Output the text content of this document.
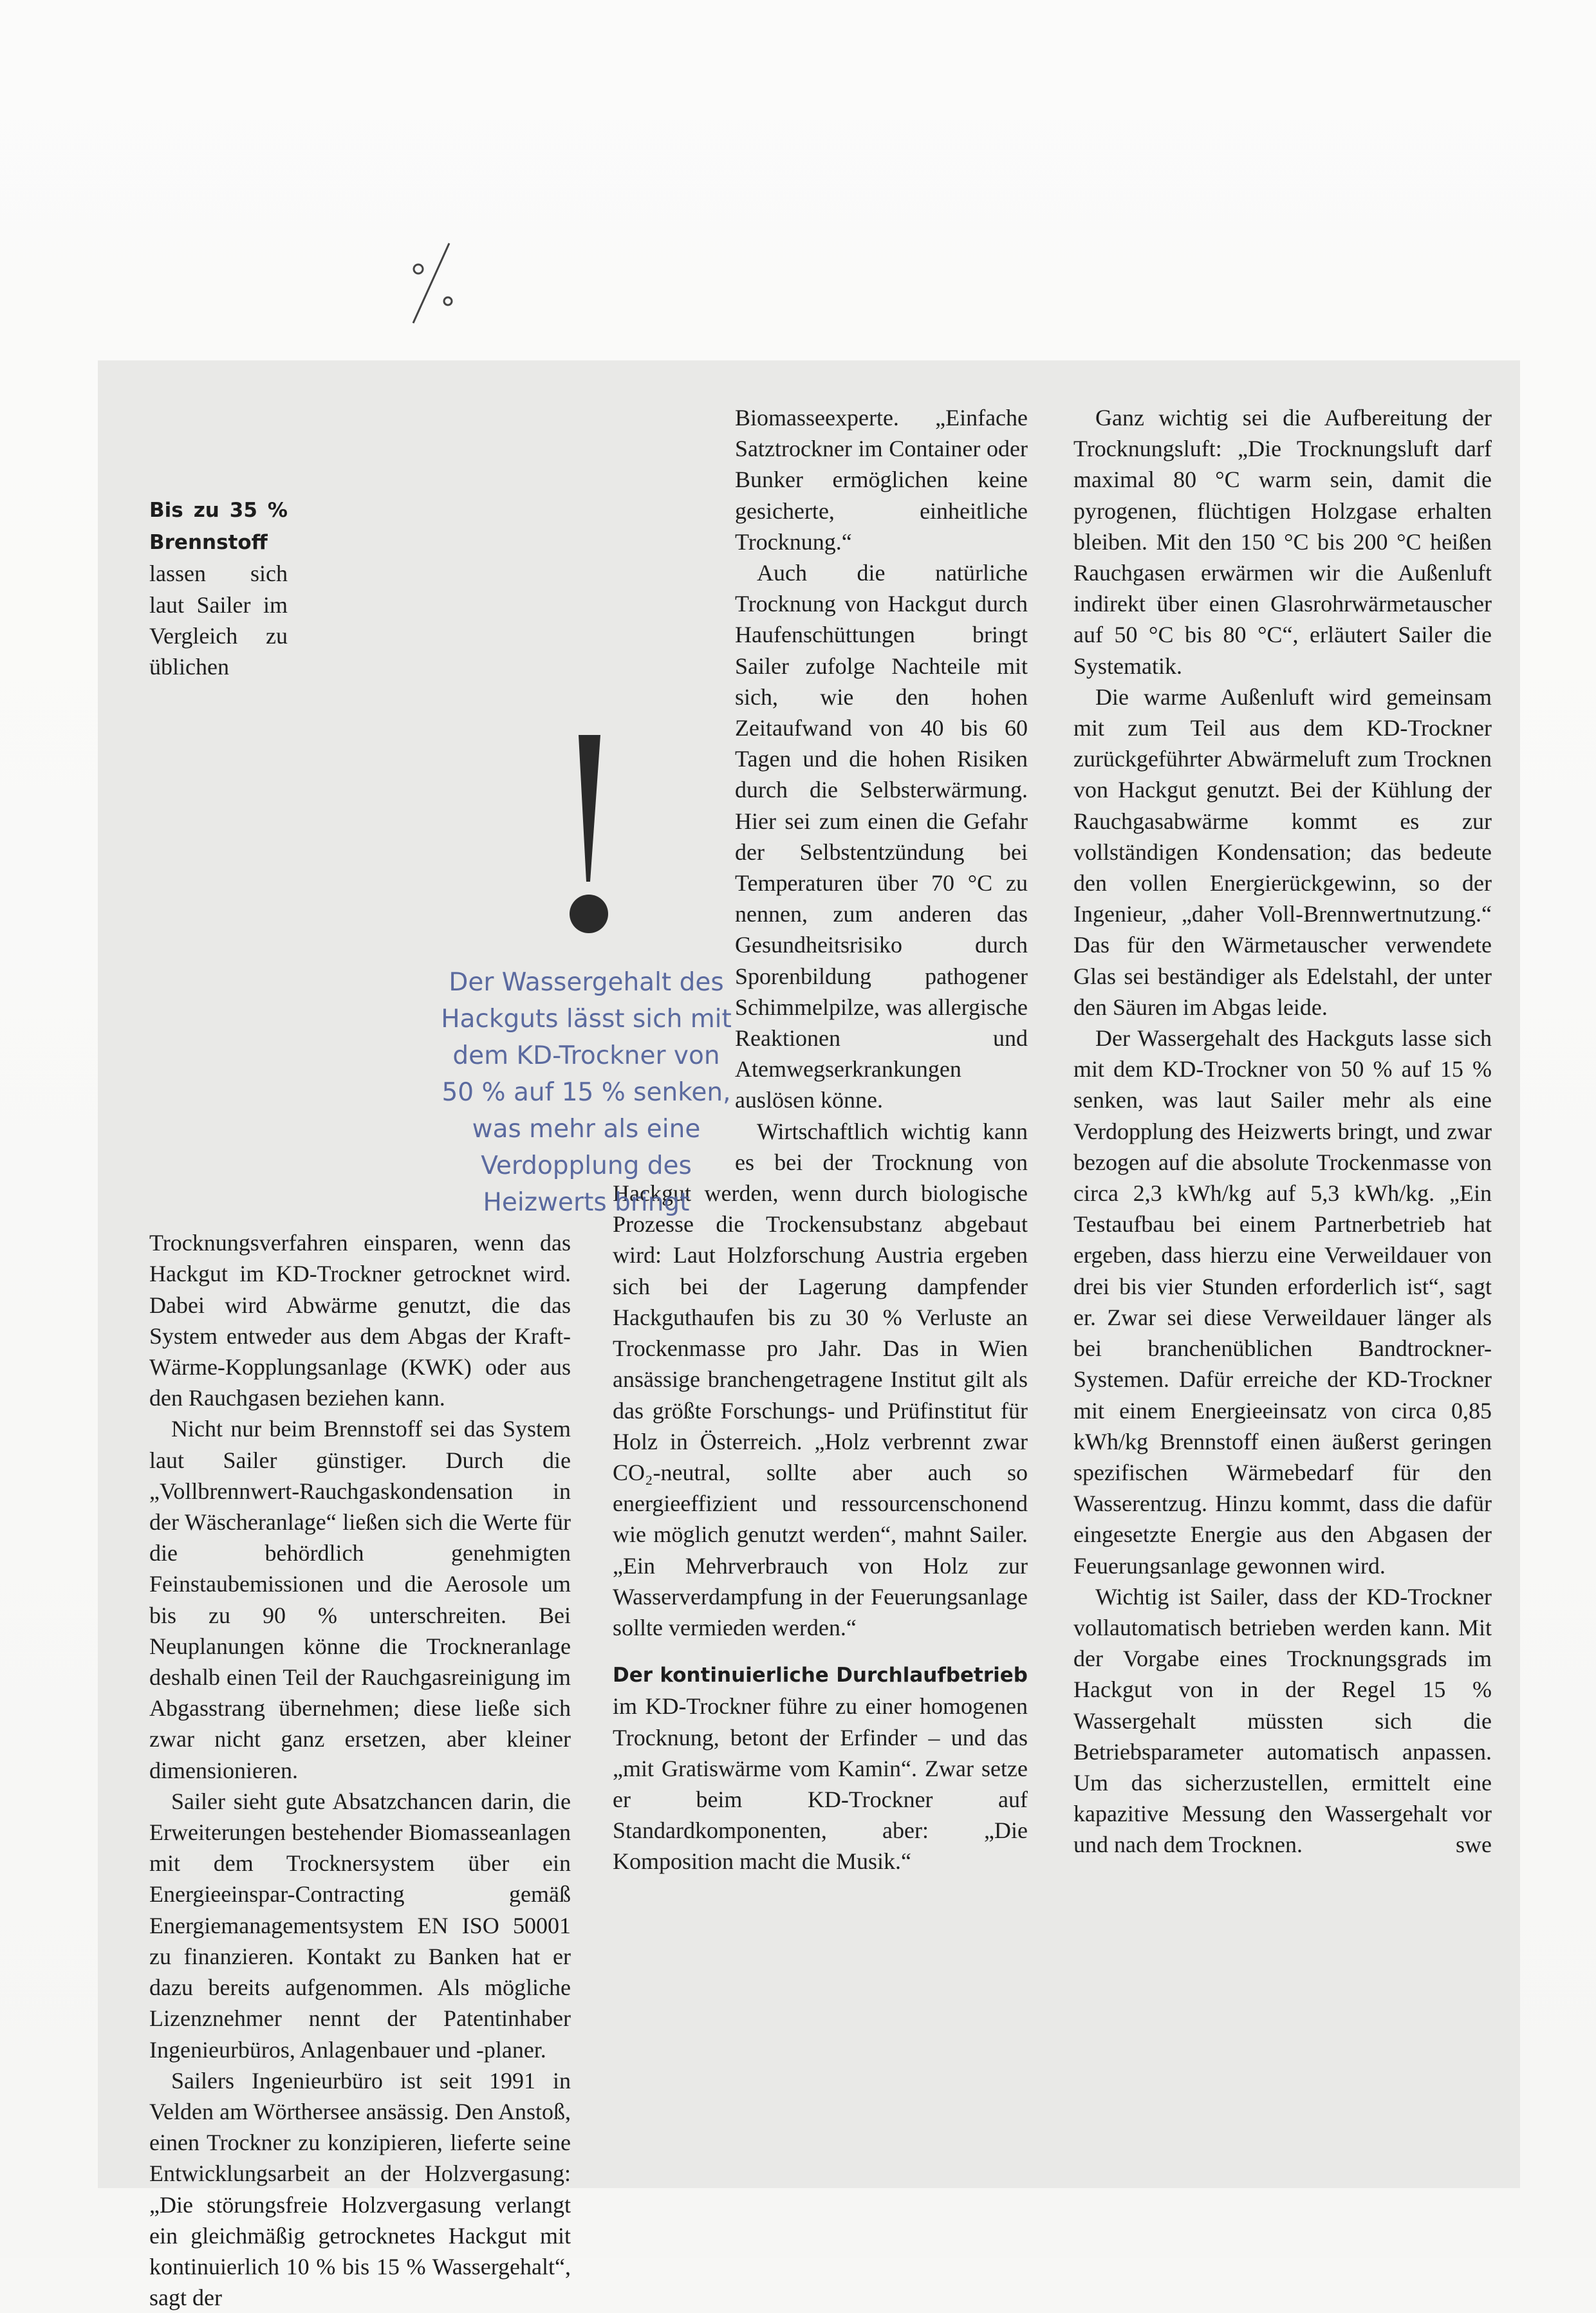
Bis zu 35 % Brennstoff lassen sich laut Sailer im Vergleich zu üblichen Trocknungsverfahren einsparen, wenn das Hackgut im KD-Trockner getrocknet wird. Dabei wird Abwärme genutzt, die das System entweder aus dem Abgas der Kraft-Wärme-Kopplungsanlage (KWK) oder aus den Rauchgasen beziehen kann.

Nicht nur beim Brennstoff sei das System laut Sailer günstiger. Durch die „Vollbrennwert-Rauchgaskondensation in der Wäscheranlage“ ließen sich die Werte für die behördlich genehmigten Feinstaubemissionen und die Aerosole um bis zu 90 % unterschreiten. Bei Neuplanungen könne die Trockneranlage deshalb einen Teil der Rauchgasreinigung im Abgasstrang übernehmen; diese ließe sich zwar nicht ganz ersetzen, aber kleiner dimensionieren.

Sailer sieht gute Absatzchancen darin, die Erweiterungen bestehender Biomasseanlagen mit dem Trocknersystem über ein Energieeinspar-Contracting gemäß Energiemanagementsystem EN ISO 50001 zu finanzieren. Kontakt zu Banken hat er dazu bereits aufgenommen. Als mögliche Lizenznehmer nennt der Patentinhaber Ingenieurbüros, Anlagenbauer und -planer.

Sailers Ingenieurbüro ist seit 1991 in Velden am Wörthersee ansässig. Den Anstoß, einen Trockner zu konzipieren, lieferte seine Entwicklungsarbeit an der Holzvergasung: „Die störungsfreie Holzvergasung verlangt ein gleichmäßig getrocknetes Hackgut mit kontinuierlich 10 % bis 15 % Wassergehalt“, sagt der

Biomasseexperte. „Einfache Satztrockner im Container oder Bunker ermöglichen keine gesicherte, einheitliche Trocknung.“

Auch die natürliche Trocknung von Hackgut durch Haufenschüttungen bringt Sailer zufolge Nachteile mit sich, wie den hohen Zeitaufwand von 40 bis 60 Tagen und die hohen Risiken durch die Selbsterwärmung. Hier sei zum einen die Gefahr der Selbstentzündung bei Temperaturen über 70 °C zu nennen, zum anderen das Gesundheitsrisiko durch Sporenbildung pathogener Schimmelpilze, was allergische Reaktionen und Atemwegserkrankungen auslösen könne.

Wirtschaftlich wichtig kann es bei der Trocknung von Hackgut werden, wenn durch biologische Prozesse die Trockensubstanz abgebaut wird: Laut Holzforschung Austria ergeben sich bei der Lagerung dampfender Hackguthaufen bis zu 30 % Verluste an Trockenmasse pro Jahr. Das in Wien ansässige branchengetragene Institut gilt als das größte Forschungs- und Prüfinstitut für Holz in Österreich. „Holz verbrennt zwar CO₂-neutral, sollte aber auch so energieeffizient und ressourcenschonend wie möglich genutzt werden“, mahnt Sailer. „Ein Mehrverbrauch von Holz zur Wasserverdampfung in der Feuerungsanlage sollte vermieden werden.“

Der kontinuierliche Durchlaufbetrieb im KD-Trockner führe zu einer homogenen Trocknung, betont der Erfinder – und das „mit Gratiswärme vom Kamin“. Zwar setze er beim KD-Trockner auf Standardkomponenten, aber: „Die Komposition macht die Musik.“

Ganz wichtig sei die Aufbereitung der Trocknungsluft: „Die Trocknungsluft darf maximal 80 °C warm sein, damit die pyrogenen, flüchtigen Holzgase erhalten bleiben. Mit den 150 °C bis 200 °C heißen Rauchgasen erwärmen wir die Außenluft indirekt über einen Glasrohrwärmetauscher auf 50 °C bis 80 °C“, erläutert Sailer die Systematik.

Die warme Außenluft wird gemeinsam mit zum Teil aus dem KD-Trockner zurückgeführter Abwärmeluft zum Trocknen von Hackgut genutzt. Bei der Kühlung der Rauchgasabwärme kommt es zur vollständigen Kondensation; das bedeute den vollen Energierückgewinn, so der Ingenieur, „daher Voll-Brennwertnutzung.“ Das für den Wärmetauscher verwendete Glas sei beständiger als Edelstahl, der unter den Säuren im Abgas leide.

Der Wassergehalt des Hackguts lasse sich mit dem KD-Trockner von 50 % auf 15 % senken, was laut Sailer mehr als eine Verdopplung des Heizwerts bringt, und zwar bezogen auf die absolute Trockenmasse von circa 2,3 kWh/kg auf 5,3 kWh/kg. „Ein Testaufbau bei einem Partnerbetrieb hat ergeben, dass hierzu eine Verweildauer von drei bis vier Stunden erforderlich ist“, sagt er. Zwar sei diese Verweildauer länger als bei branchenüblichen Bandtrockner-Systemen. Dafür erreiche der KD-Trockner mit einem Energieeinsatz von circa 0,85 kWh/kg Brennstoff einen äußerst geringen spezifischen Wärmebedarf für den Wasserentzug. Hinzu kommt, dass die dafür eingesetzte Energie aus den Abgasen der Feuerungsanlage gewonnen wird.

Wichtig ist Sailer, dass der KD-Trockner vollautomatisch betrieben werden kann. Mit der Vorgabe eines Trocknungsgrads im Hackgut von in der Regel 15 % Wassergehalt müssten sich die Betriebsparameter automatisch anpassen. Um das sicherzustellen, ermittelt eine kapazitive Messung den Wassergehalt vor und nach dem Trocknen.	swe

Der Wassergehalt des Hackguts lässt sich mit dem KD-Trockner von 50 % auf 15 % senken, was mehr als eine Verdopplung des Heizwerts bringt
